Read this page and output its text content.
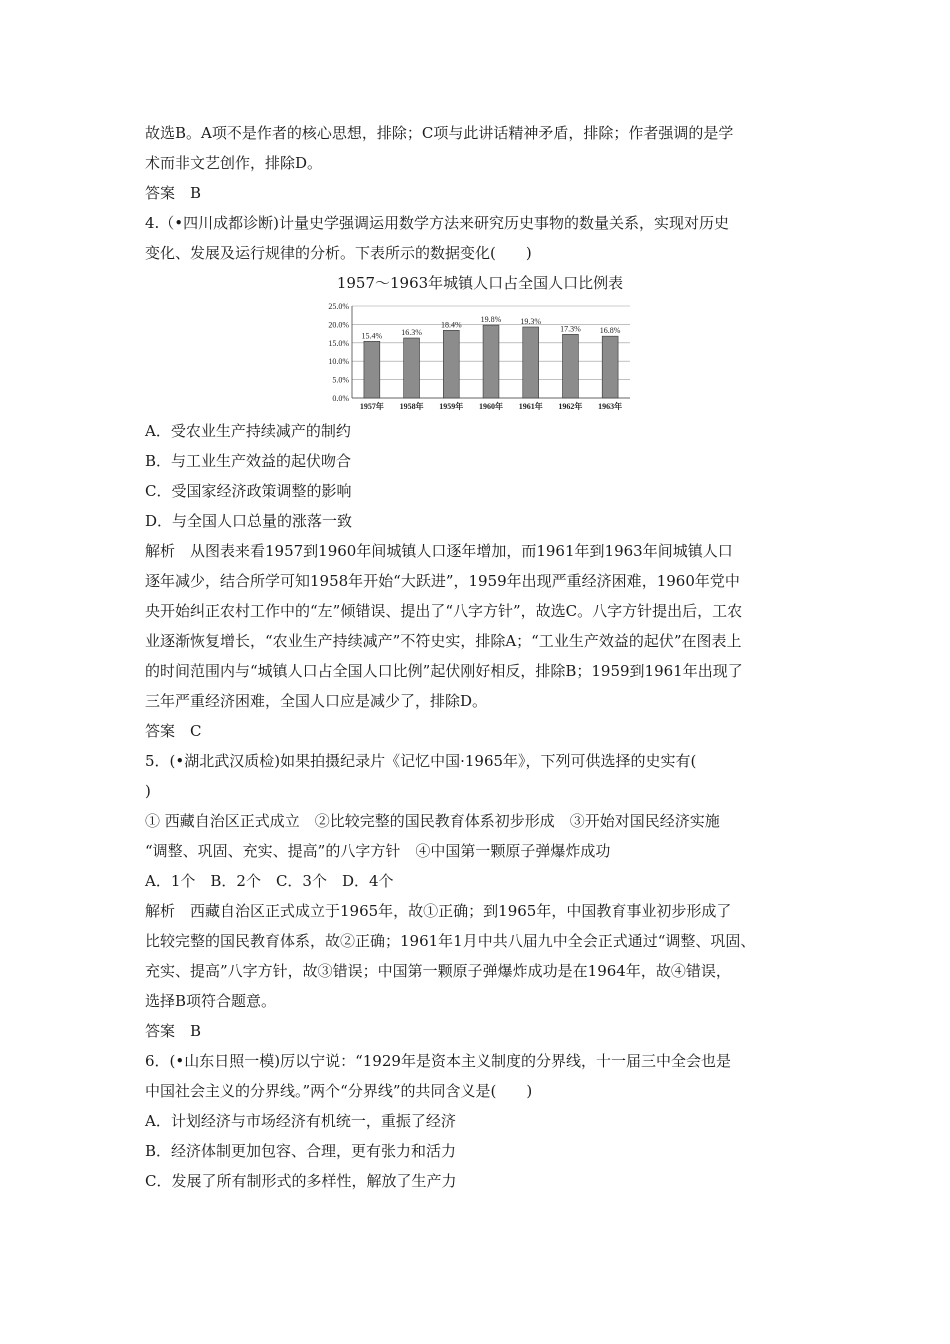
故选B。A项不是作者的核心思想，排除；C项与此讲话精神矛盾，排除；作者强调的是学
术而非文艺创作，排除D。
答案　B
4.（•四川成都诊断)计量史学强调运用数学方法来研究历史事物的数量关系，实现对历史
变化、发展及运行规律的分析。下表所示的数据变化(　　)
1957～1963年城镇人口占全国人口比例表
0.0%
5.0%
10.0%
15.0%
20.0%
25.0%
15.4%
1957年
16.3%
1958年
18.4%
1959年
19.8%
1960年
19.3%
1961年
17.3%
1962年
16.8%
1963年
A．受农业生产持续减产的制约
B．与工业生产效益的起伏吻合
C．受国家经济政策调整的影响
D．与全国人口总量的涨落一致
解析　从图表来看1957到1960年间城镇人口逐年增加，而1961年到1963年间城镇人口
逐年减少，结合所学可知1958年开始“大跃进”，1959年出现严重经济困难，1960年党中
央开始纠正农村工作中的“左”倾错误、提出了“八字方针”，故选C。八字方针提出后，工农
业逐渐恢复增长，“农业生产持续减产”不符史实，排除A；“工业生产效益的起伏”在图表上
的时间范围内与“城镇人口占全国人口比例”起伏刚好相反，排除B；1959到1961年出现了
三年严重经济困难，全国人口应是减少了，排除D。
答案　C
5．(•湖北武汉质检)如果拍摄纪录片《记忆中国·1965年》，下列可供选择的史实有(
)
① 西藏自治区正式成立　②比较完整的国民教育体系初步形成　③开始对国民经济实施
“调整、巩固、充实、提高”的八字方针　④中国第一颗原子弹爆炸成功
A．1个　B．2个　C．3个　D．4个
解析　西藏自治区正式成立于1965年，故①正确；到1965年，中国教育事业初步形成了
比较完整的国民教育体系，故②正确；1961年1月中共八届九中全会正式通过“调整、巩固、
充实、提高”八字方针，故③错误；中国第一颗原子弹爆炸成功是在1964年，故④错误，
选择B项符合题意。
答案　B
6．(•山东日照一模)厉以宁说：“1929年是资本主义制度的分界线，十一届三中全会也是
中国社会主义的分界线。”两个“分界线”的共同含义是(　　)
A．计划经济与市场经济有机统一，重振了经济
B．经济体制更加包容、合理，更有张力和活力
C．发展了所有制形式的多样性，解放了生产力
